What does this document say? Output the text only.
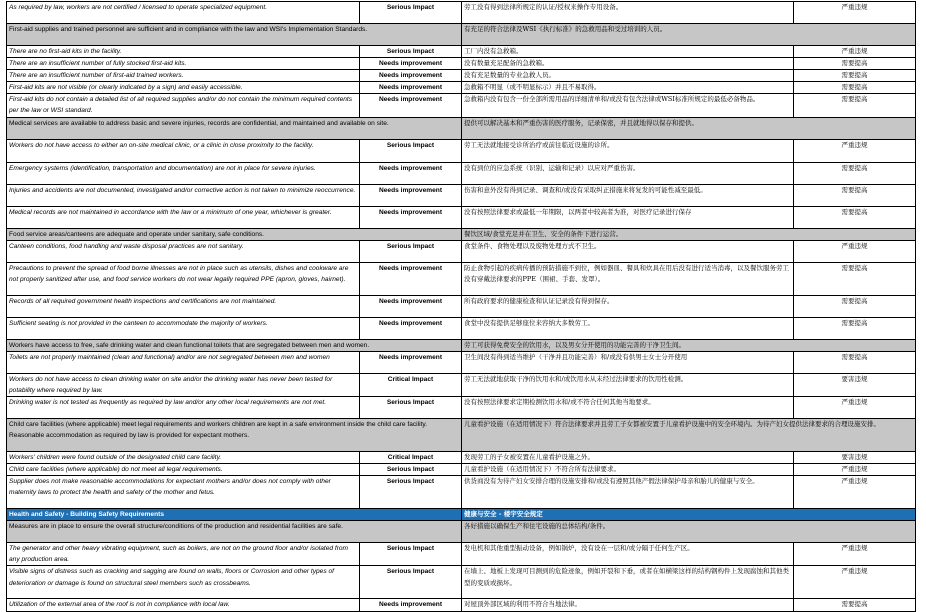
As required by law, workers are not certified / licensed to operate specialized equipment.	Serious Impact	劳工没有得到法律所规定的认证/授权来操作专用设备。	严重违规
First-aid supplies and trained personnel are sufficient and in compliance with the law and WSI's Implementation Standards.		有充足的符合法律及WSI《执行标准》的急救用品和受过培训的人员。	
There are no first-aid kits in the facility.	Serious Impact	工厂内没有急救箱。	严重违规
There are an insufficient number of fully stocked first-aid kits.	Needs improvement	没有数量充足配备的急救箱。	需要提高
There are an insufficient number of first-aid trained workers.	Needs improvement	没有充足数量的专业急救人员。	需要提高
First-aid kits are not visible (or clearly indicated by a sign) and easily accessible.	Needs improvement	急救箱不明显（或不明显标示）并且不易取得。	需要提高
First-aid kits do not contain a detailed list of all required supplies and/or do not contain the minimum required contents per the law or WSI standard.	Needs improvement	急救箱内没有包含一份全部所需用品的详细清单和/或没有包含法律或WSI标准所规定的最低必备物品。	需要提高
Medical services are available to address basic and severe injuries, records are confidential, and maintained and available on site.		提供可以解决基本和严重伤害的医疗服务，记录保密，并且就地得以保存和提供。	
Workers do not have access to either an on-site medical clinic, or a clinic in close proximity to the facility.	Serious Impact	劳工无法就地接受诊所治疗或前往临近设施的诊所。	严重违规
Emergency systems (identification, transportation and documentation) are not in place for severe injuries.	Needs improvement	没有到位的应急系统（识别、运输和记录）以应对严重伤害。	需要提高
Injuries and accidents are not documented, investigated and/or corrective action is not taken to minimize reoccurrence.	Needs improvement	伤害和意外没有得到记录、调查和/或没有采取纠正措施来将复发的可能性减至最低。	需要提高
Medical records are not maintained in accordance with the law or a minimum of one year, whichever is greater.	Needs improvement	没有按照法律要求或最低一年期限，以两者中较高者为准，对医疗记录进行保存	需要提高
Food service areas/canteens are adequate and operate under sanitary, safe conditions.		餐饮区域/食堂充足并在卫生、安全的条件下进行运营。	
Canteen conditions, food handling and waste disposal practices are not sanitary.	Serious Impact	食堂条件、食物处理以及废物处理方式不卫生。	严重违规
Precautions to prevent the spread of food borne illnesses are not in place such as utensils, dishes and cookware are not properly sanitized after use, and food service workers do not wear legally required PPE (apron, gloves, hairnet).	Needs improvement	防止食物引起的疾病传播的预防措施不到位，例如器皿、餐具和炊具在用后没有进行适当消毒，以及餐饮服务劳工没有穿戴法律要求的PPE（围裙、手套、发罩）。	需要提高
Records of all required government health inspections and certifications are not maintained.	Needs improvement	所有政府要求的健康检查和认证记录没有得到保存。	需要提高
Sufficient seating is not provided in the canteen to accommodate the majority of workers.	Needs improvement	食堂中没有提供足够座位来容纳大多数劳工。	需要提高
Workers have access to free, safe drinking water and clean functional toilets that are segregated between men and women.		劳工可获得免费安全的饮用水，以及男女分开使用的功能完善的干净卫生间。	
Toilets are not properly maintained (clean and functional) and/or are not segregated between men and women	Needs improvement	卫生间没有得到适当维护（干净并且功能完善）和/或没有供男士女士分开使用	需要提高
Workers do not have access to clean drinking water on site and/or the drinking water has never been tested for potability where required by law.	Critical Impact	劳工无法就地获取干净的饮用水和/或饮用水从未经过法律要求的饮用性检测。	要害违规
Drinking water is not tested as frequently as required by law and/or any other local requirements are not met.	Serious Impact	没有按照法律要求定期检测饮用水和/或不符合任何其他当地要求。	严重违规
Child care facilities (where applicable) meet legal requirements and workers children are kept in a safe environment inside the child care facility. Reasonable accommodation as required by law is provided for expectant mothers.		儿童看护设施（在适用情况下）符合法律要求并且劳工子女都被安置于儿童看护设施中的安全环境内。为待产妇女提供法律要求的合理设施安排。	
Workers' children were found outside of the designated child care facility.	Critical Impact	发现劳工的子女被安置在儿童看护设施之外。	要害违规
Child care facilities (where applicable) do not meet all legal requirements.	Serious Impact	儿童看护设施（在适用情况下）不符合所有法律要求。	严重违规
Supplier does not make reasonable accommodations for expectant mothers and/or does not comply with other maternity laws to protect the health and safety of the mother and fetus.	Serious Impact	供货商没有为待产妇女安排合理的设施安排和/或没有遵照其他产假法律保护母亲和胎儿的健康与安全。	严重违规
Health and Safety - Building Safety Requirements		健康与安全 - 楼宇安全规定	
Measures are in place to ensure the overall structure/conditions of the production and residential facilities are safe.		各好措施以确保生产和住宅设施的总体结构/条件。	
The generator and other heavy vibrating equipment, such as boilers, are not on the ground floor and/or isolated from any production area.	Serious Impact	发电机和其他重型振动设备，例如锅炉，没有设在一层和/或分隔于任何生产区。	严重违规
Visible signs of distress such as cracking and sagging are found on walls, floors or Corrosion and other types of deterioration or damage is found on structural steel members such as crossbeams.	Serious Impact	在墙上、地板上发现可目测到的危险迹象，例如开裂和下垂，或者在如横梁这样的结构钢构件上发现腐蚀和其他类型的变质或损坏。	严重违规
Utilization of the external area of the roof is not in compliance with local law.	Needs improvement	对屋顶外部区域的利用不符合当地法律。	需要提高
